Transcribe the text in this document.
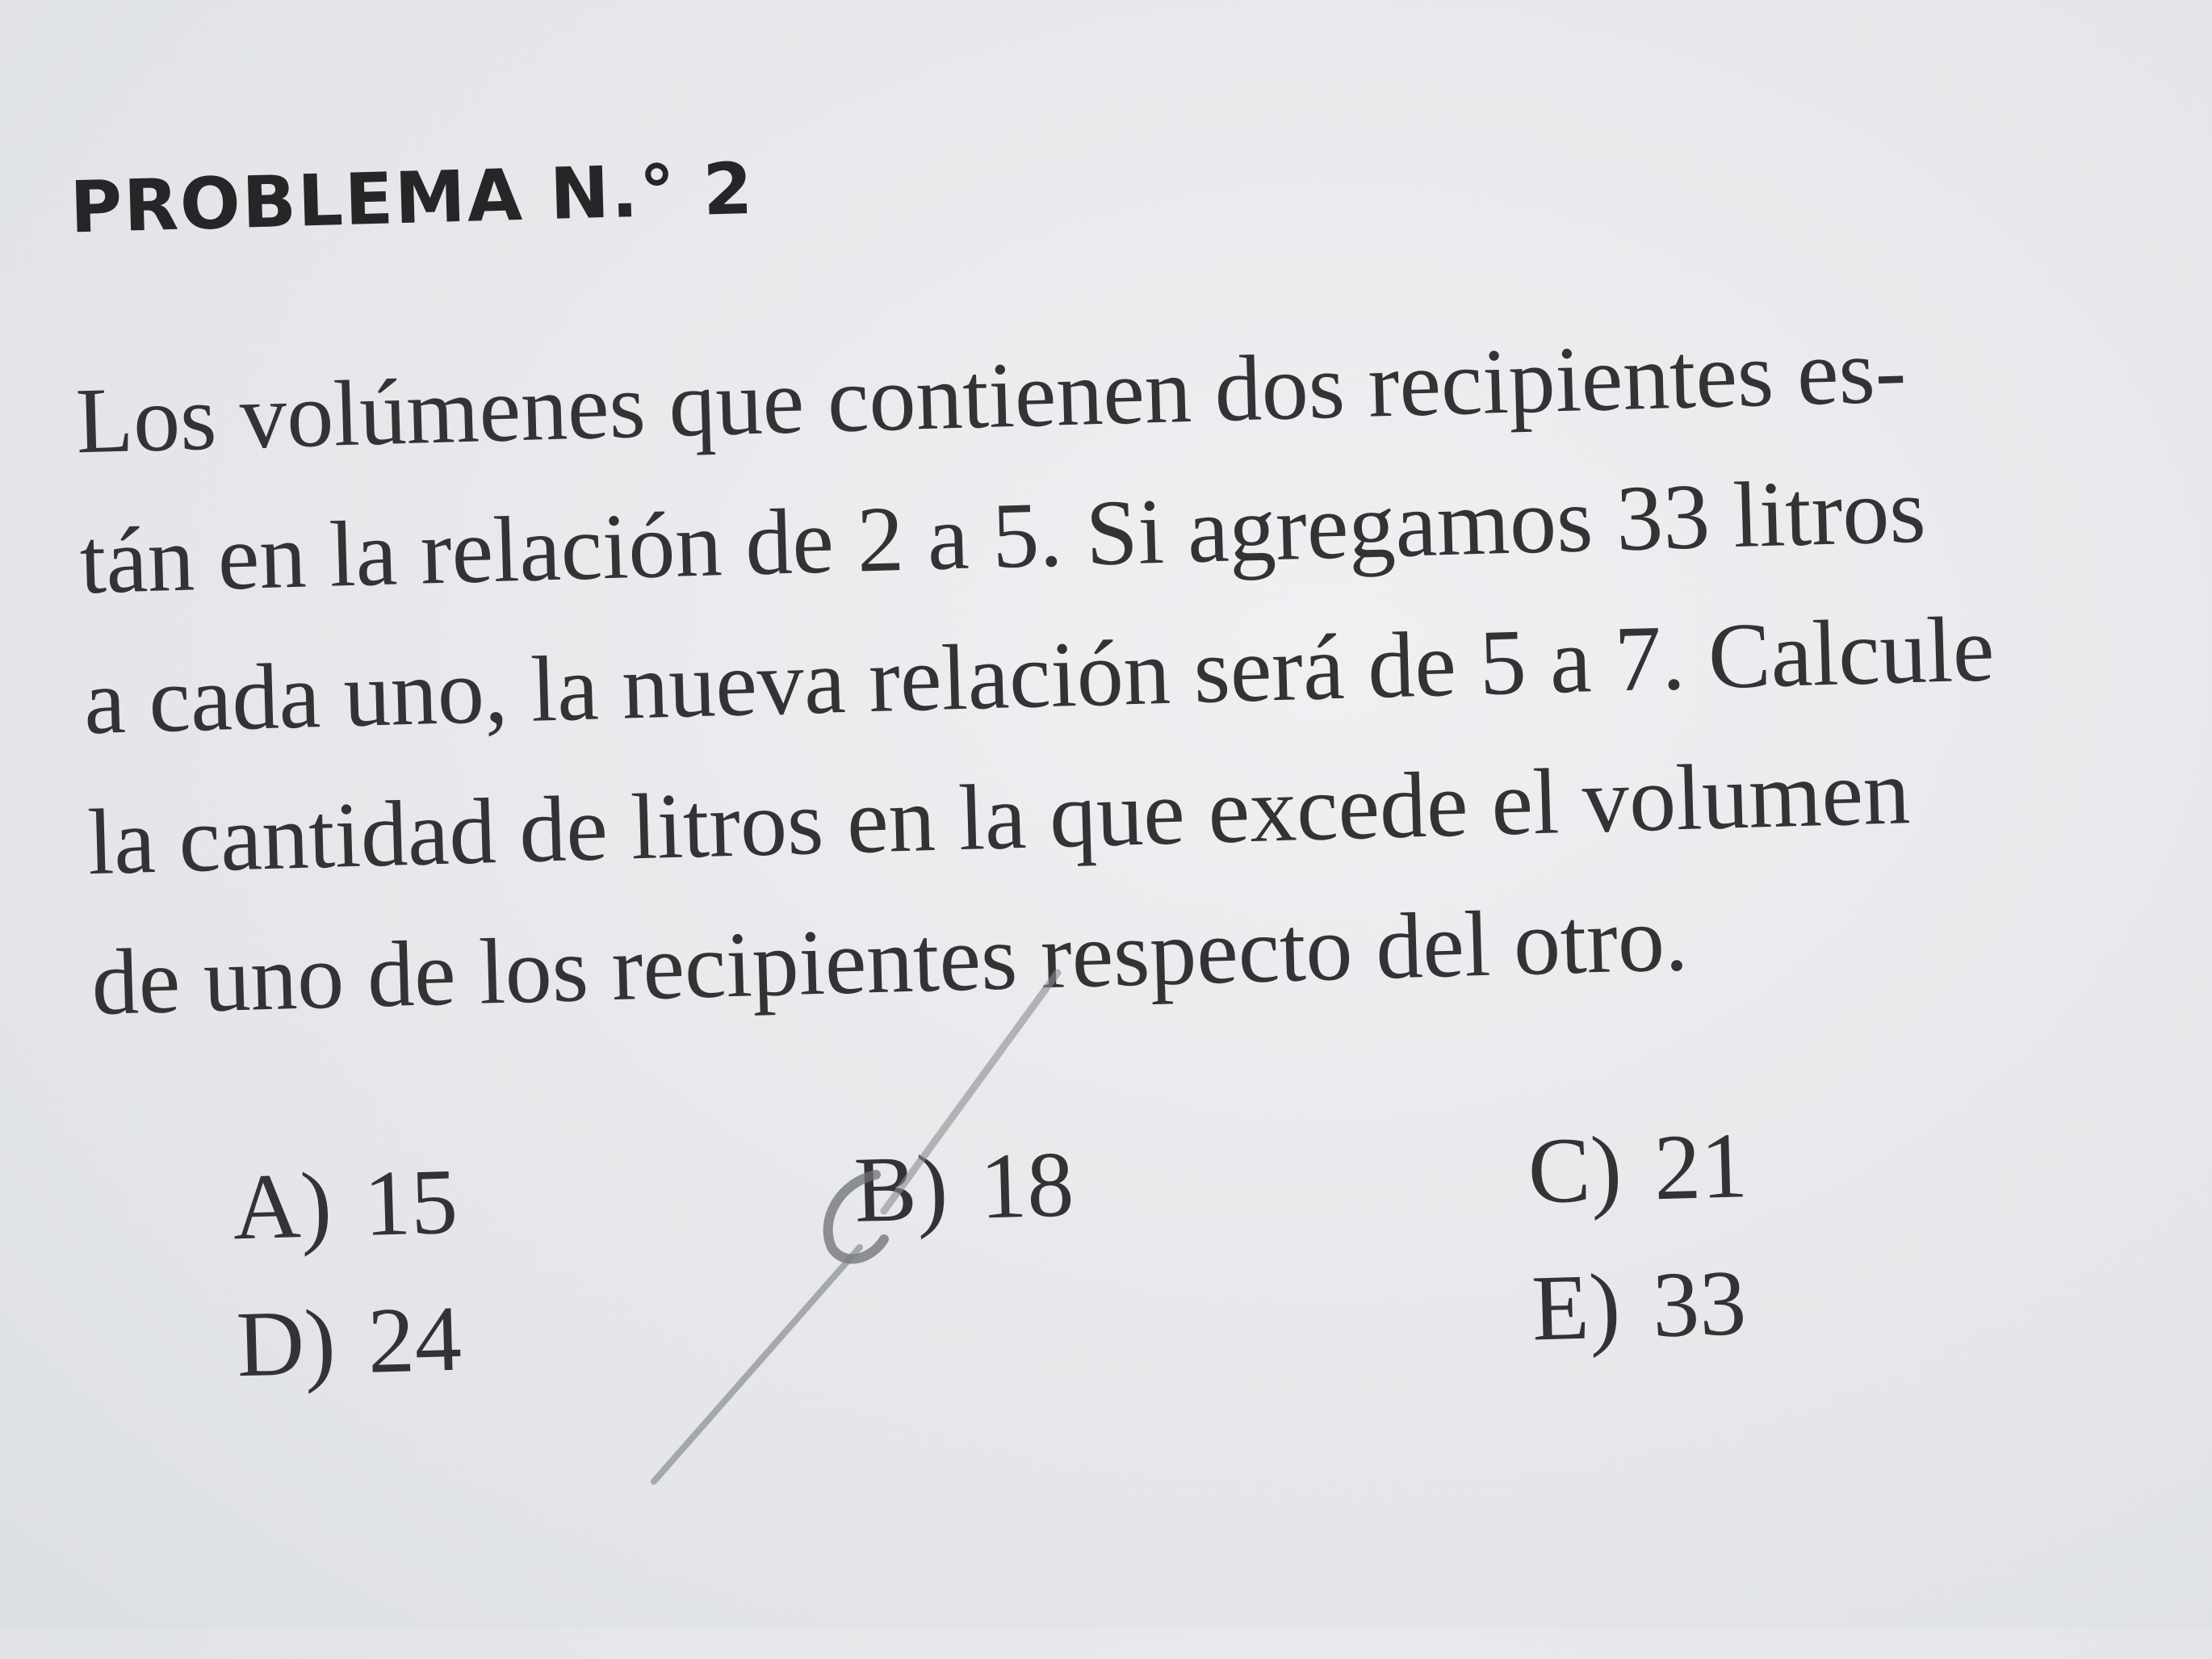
PROBLEMA N.° 2
Los volúmenes que contienen dos recipientes es-
tán en la relación de 2 a 5. Si agregamos 33 litros
a cada uno, la nueva relación será de 5 a 7. Calcule
la cantidad de litros en la que excede el volumen
de uno de los recipientes respecto del otro.
A) 15	B) 18	C) 21
D) 24	E) 33
